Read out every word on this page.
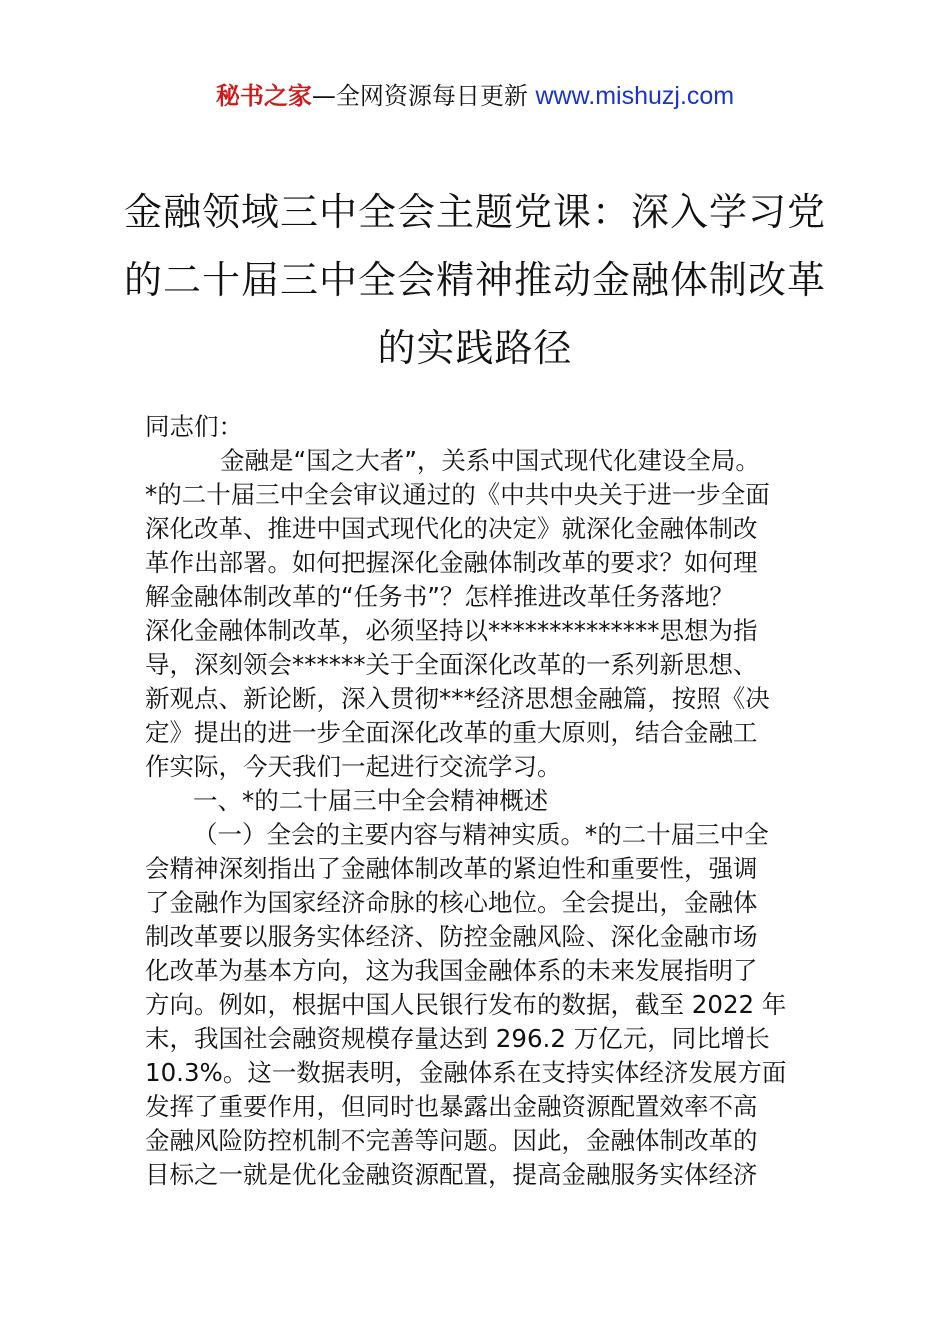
秘书之家—全网资源每日更新 www.mishuzj.com
金融领域三中全会主题党课：深入学习党
的二十届三中全会精神推动金融体制改革
的实践路径
同志们：
金融是“国之大者”，关系中国式现代化建设全局。
*的二十届三中全会审议通过的《中共中央关于进一步全面
深化改革、推进中国式现代化的决定》就深化金融体制改
革作出部署。如何把握深化金融体制改革的要求？如何理
解金融体制改革的“任务书”？怎样推进改革任务落地？
深化金融体制改革，必须坚持以**************思想为指
导，深刻领会******关于全面深化改革的一系列新思想、
新观点、新论断，深入贯彻***经济思想金融篇，按照《决
定》提出的进一步全面深化改革的重大原则，结合金融工
作实际，今天我们一起进行交流学习。
一、*的二十届三中全会精神概述
（一）全会的主要内容与精神实质。*的二十届三中全
会精神深刻指出了金融体制改革的紧迫性和重要性，强调
了金融作为国家经济命脉的核心地位。全会提出，金融体
制改革要以服务实体经济、防控金融风险、深化金融市场
化改革为基本方向，这为我国金融体系的未来发展指明了
方向。例如，根据中国人民银行发布的数据，截至 2022 年
末，我国社会融资规模存量达到 296.2 万亿元，同比增长
10.3%。这一数据表明，金融体系在支持实体经济发展方面
发挥了重要作用，但同时也暴露出金融资源配置效率不高
金融风险防控机制不完善等问题。因此，金融体制改革的
目标之一就是优化金融资源配置，提高金融服务实体经济
